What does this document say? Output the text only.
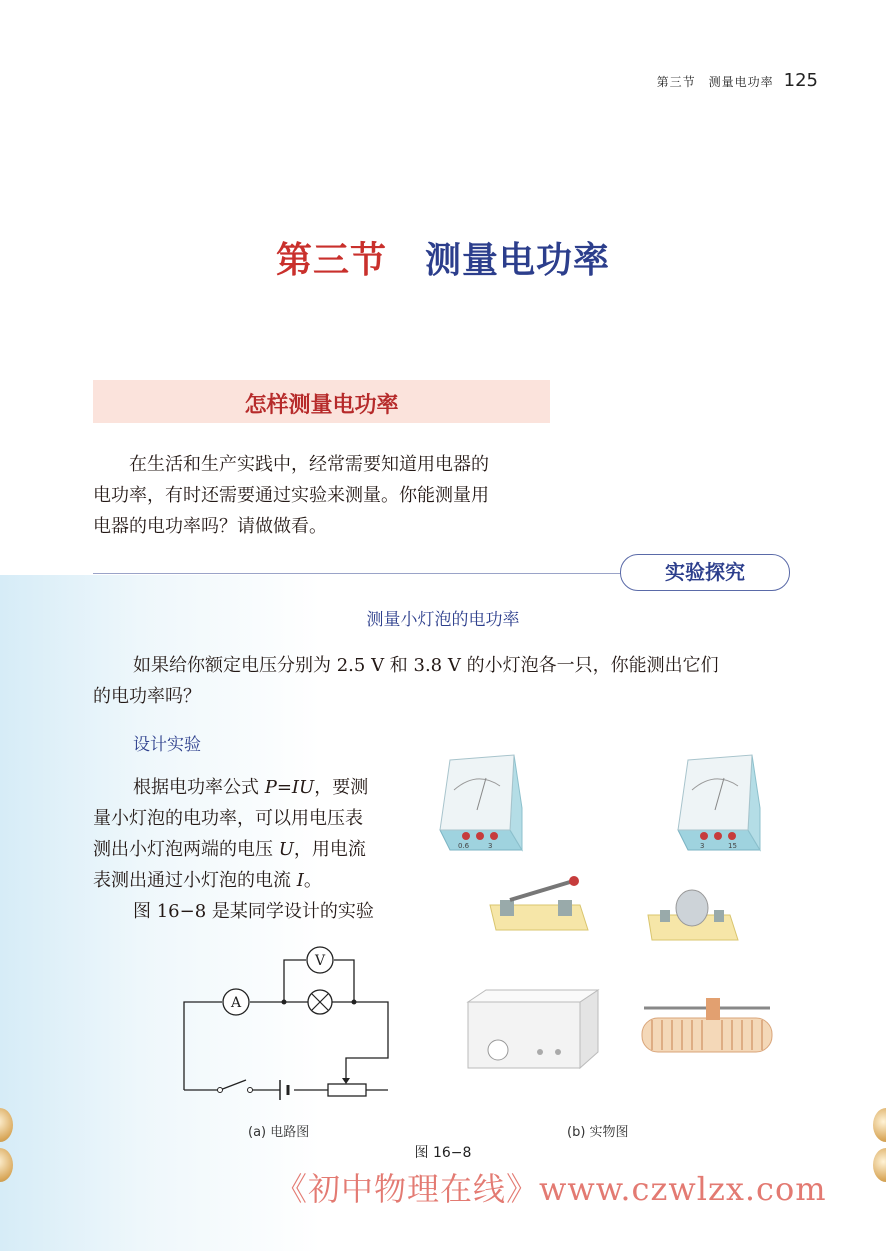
第三节　测量电功率 125
第三节 测量电功率
怎样测量电功率
在生活和生产实践中，经常需要知道用电器的
电功率，有时还需要通过实验来测量。你能测量用
电器的电功率吗？请做做看。
实验探究
测量小灯泡的电功率
如果给你额定电压分别为 2.5 V 和 3.8 V 的小灯泡各一只，你能测出它们
的电功率吗？
设计实验
根据电功率公式 P=IU，要测
量小灯泡的电功率，可以用电压表
测出小灯泡两端的电压 U，用电流
表测出通过小灯泡的电流 I。
图 16−8 是某同学设计的实验
A
V
0.6	3	3	15
(a) 电路图	(b) 实物图
图 16−8
《初中物理在线》www.czwlzx.com
